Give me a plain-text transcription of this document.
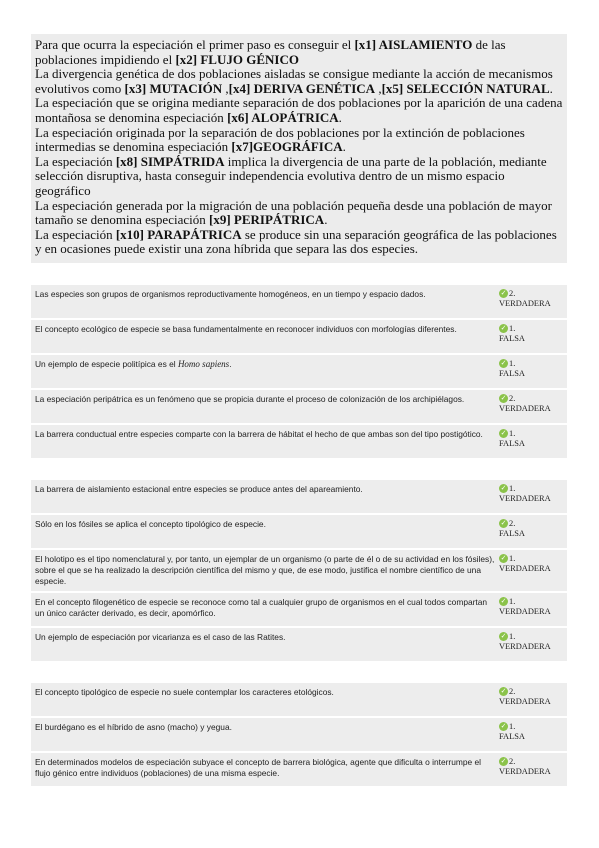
Para que ocurra la especiación el primer paso es conseguir el [x1] AISLAMIENTO de las poblaciones impidiendo el [x2] FLUJO GÉNICO

La divergencia genética de dos poblaciones aisladas se consigue mediante la acción de mecanismos evolutivos como [x3] MUTACIÓN ,[x4] DERIVA GENÉTICA ,[x5] SELECCIÓN NATURAL.

La especiación que se origina mediante separación de dos poblaciones por la aparición de una cadena montañosa se denomina especiación [x6] ALOPÁTRICA.

La especiación originada por la separación de dos poblaciones por la extinción de poblaciones intermedias se denomina especiación [x7]GEOGRÁFICA.

La especiación [x8] SIMPÁTRIDA implica la divergencia de una parte de la población, mediante selección disruptiva, hasta conseguir independencia evolutiva dentro de un mismo espacio geográfico

La especiación generada por la migración de una población pequeña desde una población de mayor tamaño se denomina especiación [x9] PERIPÁTRICA.

La especiación [x10] PARAPÁTRICA se produce sin una separación geográfica de las poblaciones y en ocasiones puede existir una zona híbrida que separa las dos especies.

Las especies son grupos de organismos reproductivamente homogéneos, en un tiempo y espacio dados.	✓ 2.
VERDADERA
El concepto ecológico de especie se basa fundamentalmente en reconocer individuos con morfologías diferentes.	✓ 1.
FALSA
Un ejemplo de especie politípica es el Homo sapiens.	✓ 1.
FALSA
La especiación peripátrica es un fenómeno que se propicia durante el proceso de colonización de los archipiélagos.	✓ 2.
VERDADERA
La barrera conductual entre especies comparte con la barrera de hábitat el hecho de que ambas son del tipo postigótico.	✓ 1.
FALSA
La barrera de aislamiento estacional entre especies se produce antes del apareamiento.	✓ 1.
VERDADERA
Sólo en los fósiles se aplica el concepto tipológico de especie.	✓ 2.
FALSA
El holotipo es el tipo nomenclatural y, por tanto, un ejemplar de un organismo (o parte de él o de su actividad en los fósiles), sobre el que se ha realizado la descripción científica del mismo y que, de ese modo, justifica el nombre científico de una especie.
✓ 1.
VERDADERA
En el concepto filogenético de especie se reconoce como tal a cualquier grupo de organismos en el cual todos compartan un único carácter derivado, es decir, apomórfico.
✓ 1.
VERDADERA
Un ejemplo de especiación por vicarianza es el caso de las Ratites.	✓ 1.
VERDADERA
El concepto tipológico de especie no suele contemplar los caracteres etológicos.	✓ 2.
VERDADERA
El burdégano es el híbrido de asno (macho) y yegua.	✓ 1.
FALSA
En determinados modelos de especiación subyace el concepto de barrera biológica, agente que dificulta o interrumpe el flujo génico entre individuos (poblaciones) de una misma especie.
✓ 2.
VERDADERA
